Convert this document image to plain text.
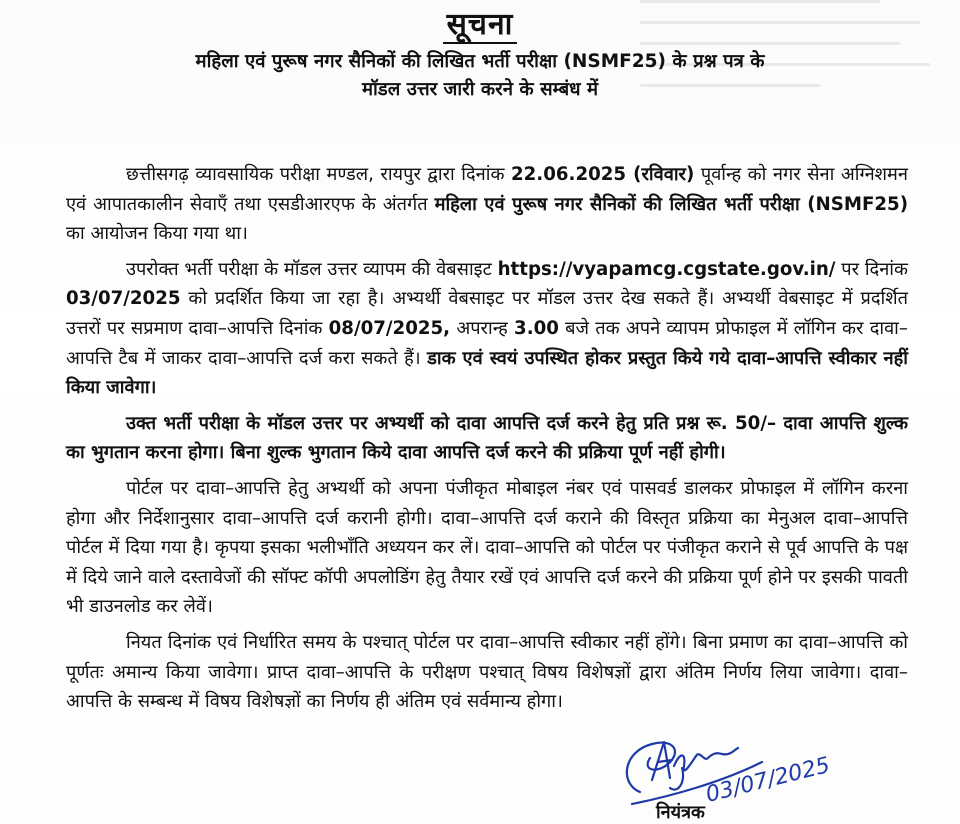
सूचना
महिला एवं पुरूष नगर सैनिकों की लिखित भर्ती परीक्षा (NSMF25) के प्रश्न पत्र के
मॉडल उत्तर जारी करने के सम्बंध में

छत्तीसगढ़ व्यावसायिक परीक्षा मण्डल, रायपुर द्वारा दिनांक 22.06.2025 (रविवार) पूर्वान्ह को नगर सेना अग्निशमन एवं आपातकालीन सेवाएँ तथा एसडीआरएफ के अंतर्गत महिला एवं पुरूष नगर सैनिकों की लिखित भर्ती परीक्षा (NSMF25) का आयोजन किया गया था।

उपरोक्त भर्ती परीक्षा के मॉडल उत्तर व्यापम की वेबसाइट https://vyapamcg.cgstate.gov.in/ पर दिनांक 03/07/2025 को प्रदर्शित किया जा रहा है। अभ्यर्थी वेबसाइट पर मॉडल उत्तर देख सकते हैं। अभ्यर्थी वेबसाइट में प्रदर्शित उत्तरों पर सप्रमाण दावा–आपत्ति दिनांक 08/07/2025, अपरान्ह 3.00 बजे तक अपने व्यापम प्रोफाइल में लॉगिन कर दावा–आपत्ति टैब में जाकर दावा–आपत्ति दर्ज करा सकते हैं। डाक एवं स्वयं उपस्थित होकर प्रस्तुत किये गये दावा–आपत्ति स्वीकार नहीं किया जावेगा।

उक्त भर्ती परीक्षा के मॉडल उत्तर पर अभ्यर्थी को दावा आपत्ति दर्ज करने हेतु प्रति प्रश्न रू. 50/– दावा आपत्ति शुल्क का भुगतान करना होगा। बिना शुल्क भुगतान किये दावा आपत्ति दर्ज करने की प्रक्रिया पूर्ण नहीं होगी।

पोर्टल पर दावा–आपत्ति हेतु अभ्यर्थी को अपना पंजीकृत मोबाइल नंबर एवं पासवर्ड डालकर प्रोफाइल में लॉगिन करना होगा और निर्देशानुसार दावा–आपत्ति दर्ज करानी होगी। दावा–आपत्ति दर्ज कराने की विस्तृत प्रक्रिया का मेनुअल दावा–आपत्ति पोर्टल में दिया गया है। कृपया इसका भलीभाँति अध्ययन कर लें। दावा–आपत्ति को पोर्टल पर पंजीकृत कराने से पूर्व आपत्ति के पक्ष में दिये जाने वाले दस्तावेजों की सॉफ्ट कॉपी अपलोडिंग हेतु तैयार रखें एवं आपत्ति दर्ज करने की प्रक्रिया पूर्ण होने पर इसकी पावती भी डाउनलोड कर लेवें।

नियत दिनांक एवं निर्धारित समय के पश्चात् पोर्टल पर दावा–आपत्ति स्वीकार नहीं होंगे। बिना प्रमाण का दावा–आपत्ति को पूर्णतः अमान्य किया जावेगा। प्राप्त दावा–आपत्ति के परीक्षण पश्चात् विषय विशेषज्ञों द्वारा अंतिम निर्णय लिया जावेगा। दावा–आपत्ति के सम्बन्ध में विषय विशेषज्ञों का निर्णय ही अंतिम एवं सर्वमान्य होगा।

03/07/2025
नियंत्रक
